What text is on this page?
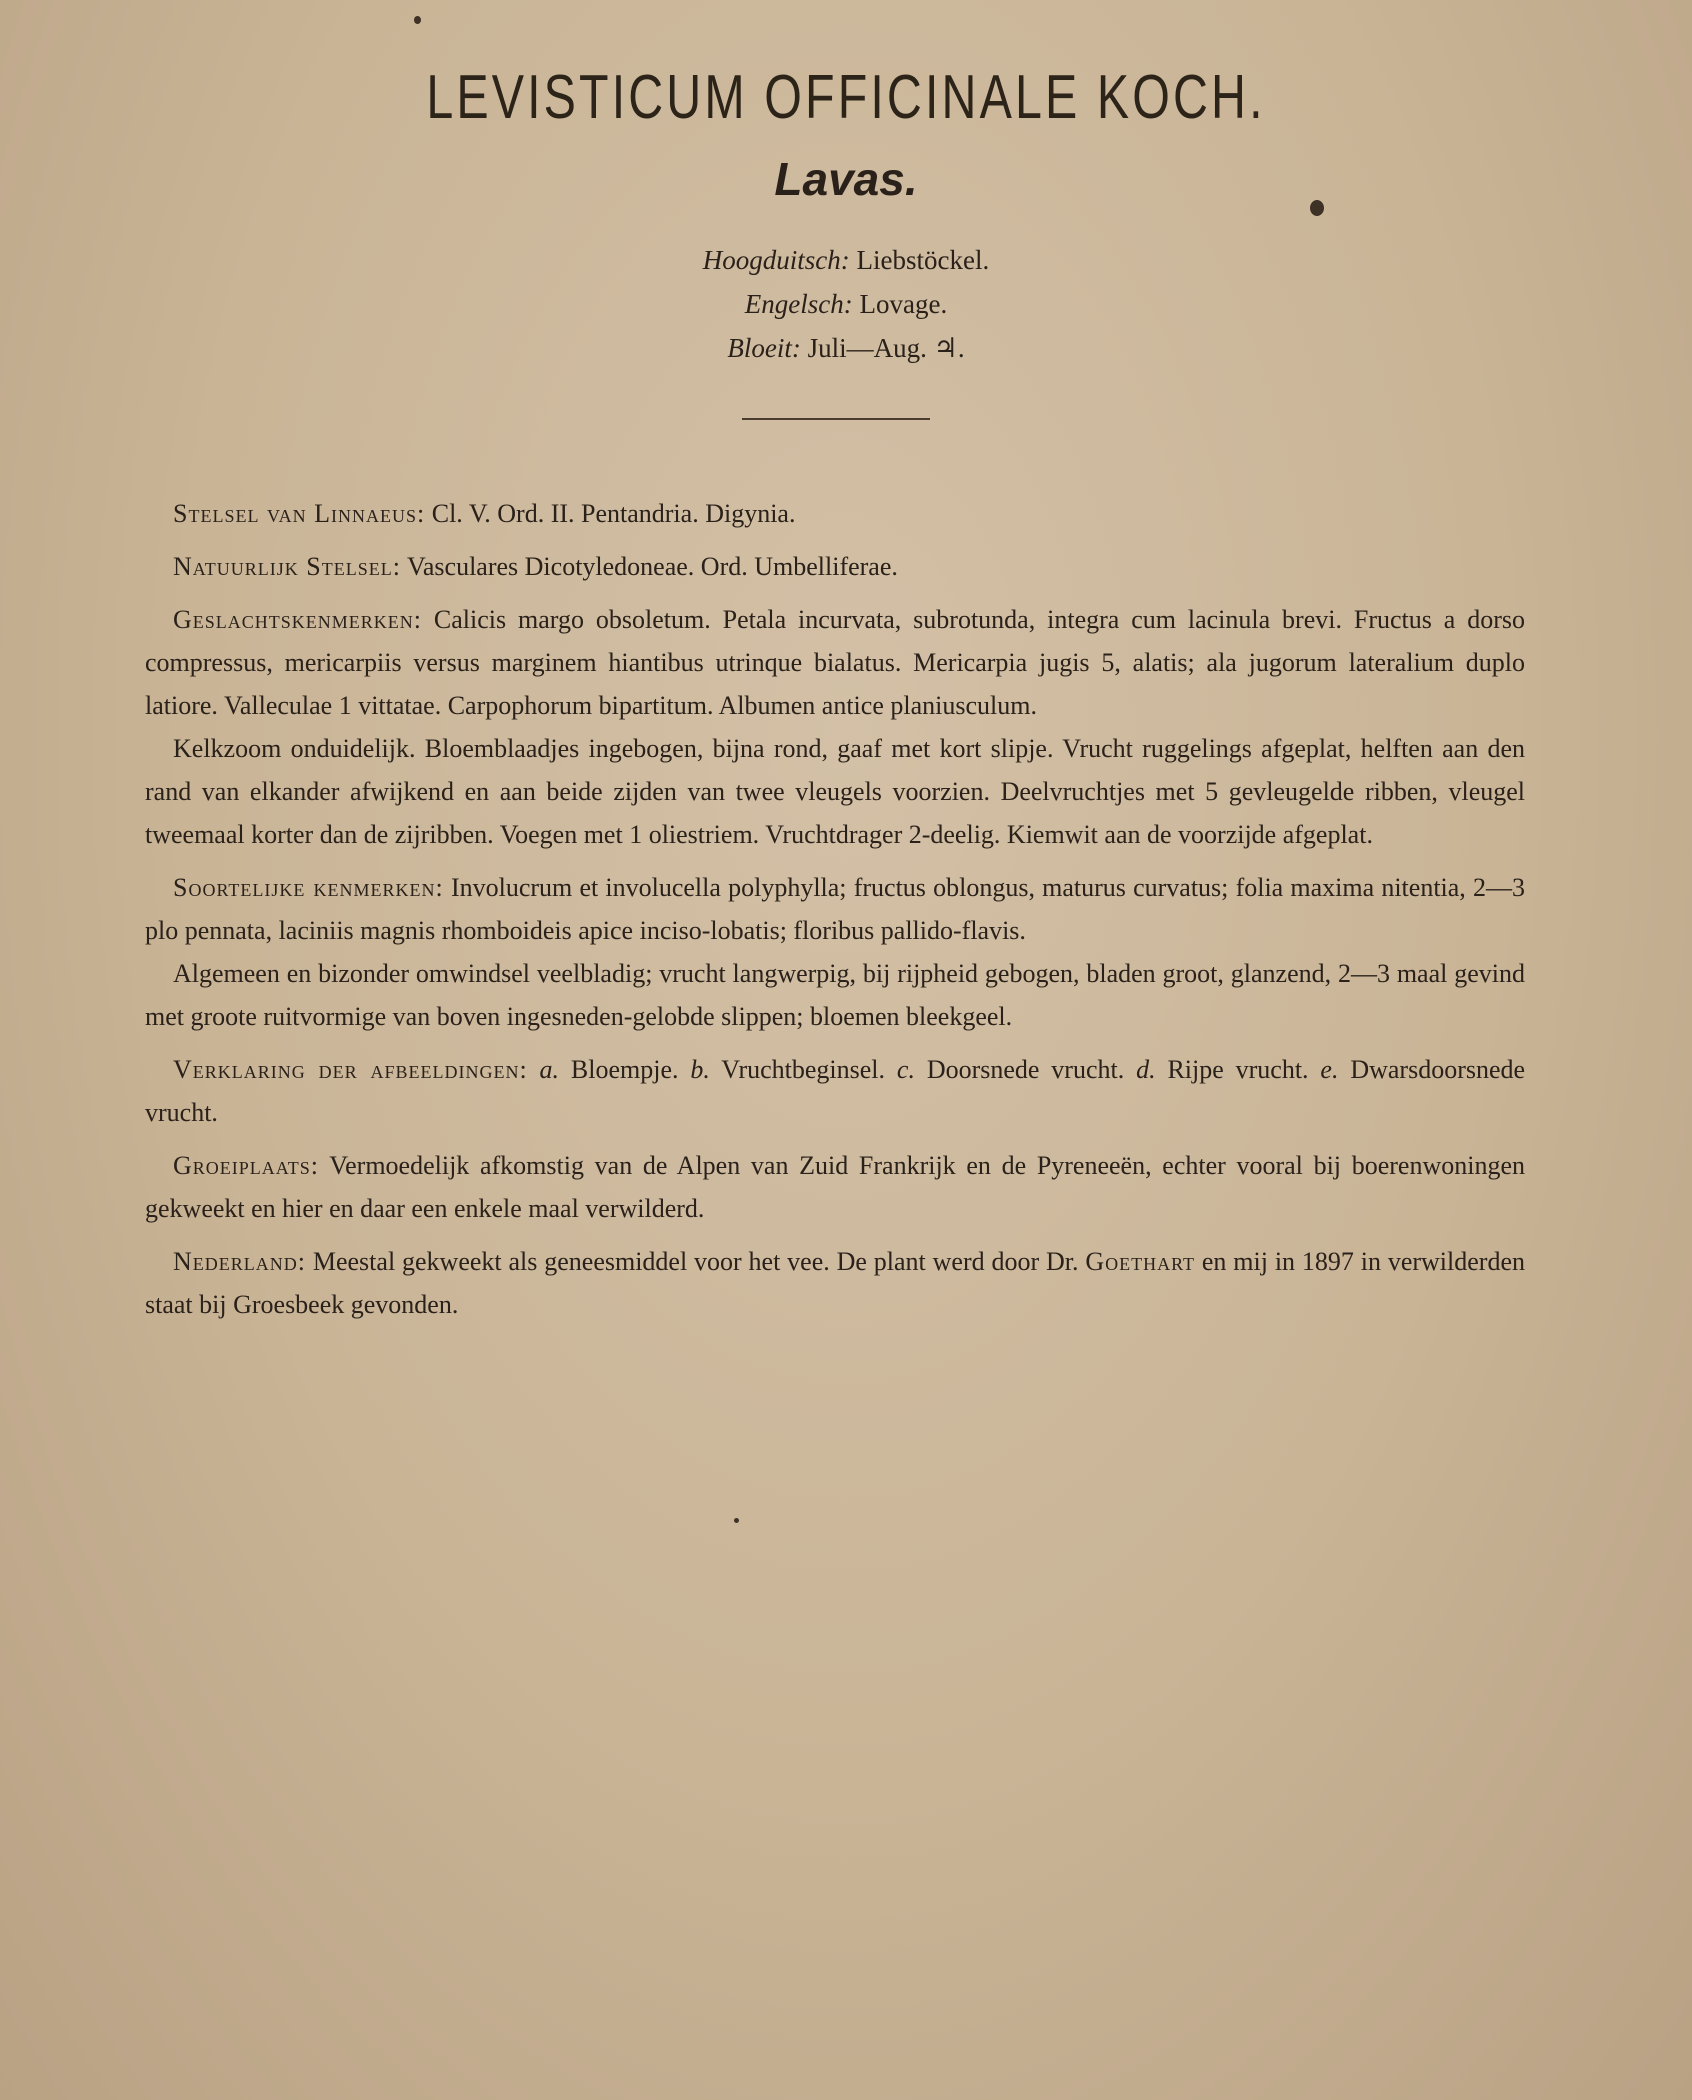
LEVISTICUM OFFICINALE KOCH.
Lavas.
Hoogduitsch: Liebstöckel.
Engelsch: Lovage.
Bloeit: Juli—Aug. ♃.

Stelsel van Linnaeus: Cl. V. Ord. II. Pentandria. Digynia.

Natuurlijk Stelsel: Vasculares Dicotyledoneae. Ord. Umbelliferae.

Geslachtskenmerken: Calicis margo obsoletum. Petala incurvata, subrotunda, integra cum lacinula brevi. Fructus a dorso compressus, mericarpiis versus marginem hiantibus utrinque bialatus. Mericarpia jugis 5, alatis; ala jugorum lateralium duplo latiore. Valleculae 1 vittatae. Carpophorum bipartitum. Albumen antice planiusculum.

Kelkzoom onduidelijk. Bloemblaadjes ingebogen, bijna rond, gaaf met kort slipje. Vrucht ruggelings afgeplat, helften aan den rand van elkander afwijkend en aan beide zijden van twee vleugels voorzien. Deelvruchtjes met 5 gevleugelde ribben, vleugel tweemaal korter dan de zijribben. Voegen met 1 oliestriem. Vruchtdrager 2-deelig. Kiemwit aan de voorzijde afgeplat.

Soortelijke kenmerken: Involucrum et involucella polyphylla; fructus oblongus, maturus curvatus; folia maxima nitentia, 2—3 plo pennata, laciniis magnis rhomboideis apice inciso-lobatis; floribus pallido-flavis.

Algemeen en bizonder omwindsel veelbladig; vrucht langwerpig, bij rijpheid gebogen, bladen groot, glanzend, 2—3 maal gevind met groote ruitvormige van boven ingesneden-gelobde slippen; bloemen bleekgeel.

Verklaring der afbeeldingen: a. Bloempje. b. Vruchtbeginsel. c. Doorsnede vrucht. d. Rijpe vrucht. e. Dwarsdoorsnede vrucht.

Groeiplaats: Vermoedelijk afkomstig van de Alpen van Zuid Frankrijk en de Pyreneeën, echter vooral bij boerenwoningen gekweekt en hier en daar een enkele maal verwilderd.

Nederland: Meestal gekweekt als geneesmiddel voor het vee. De plant werd door Dr. Goethart en mij in 1897 in verwilderden staat bij Groesbeek gevonden.
